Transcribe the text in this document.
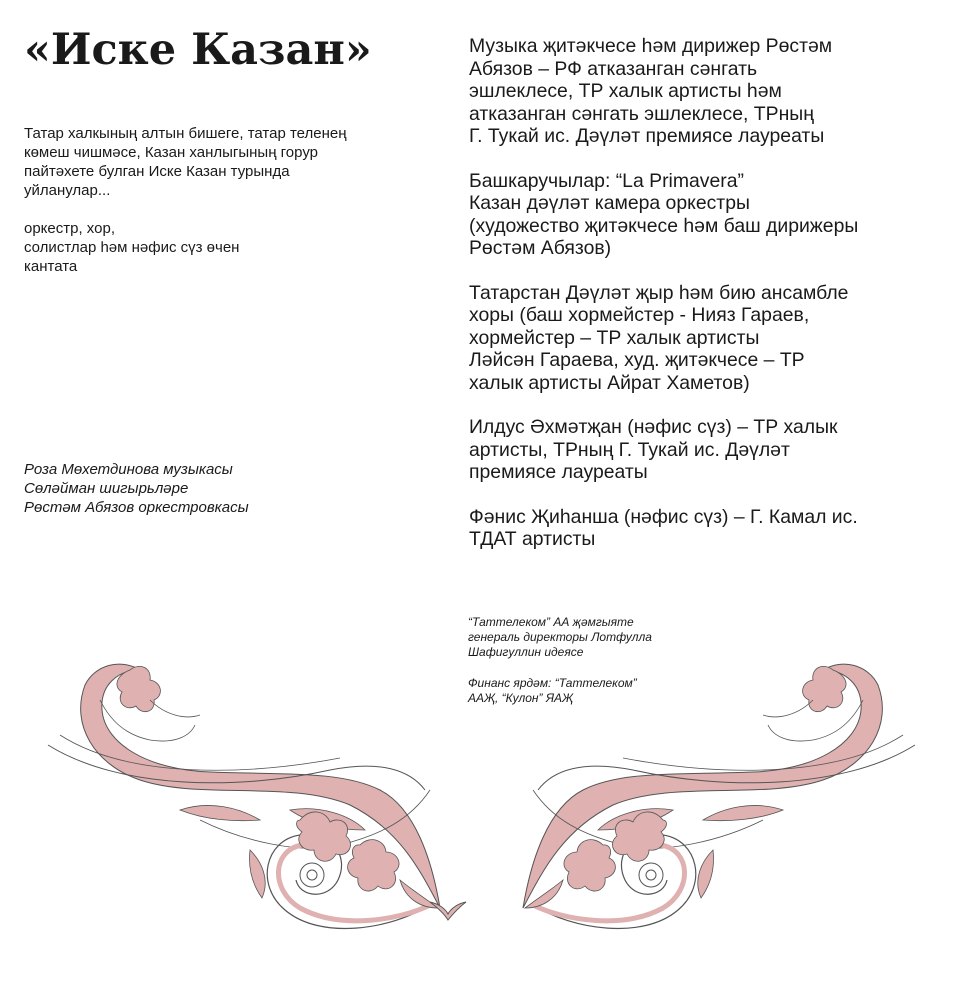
«Иске Казан»

Татар халкының алтын бишеге, татар теленең
көмеш чишмәсе, Казан ханлыгының горур
пайтәхете булган Иске Казан турында
уйланулар...

оркестр, хор,
солистлар һәм нәфис сүз өчен
кантата

Роза Мөхетдинова музыкасы
Сөләйман шигырьләре
Рөстәм Абязов оркестровкасы

Музыка җитәкчесе һәм дирижер Рөстәм
Абязов – РФ атказанган сәнгать
эшлеклесе, ТР халык артисты һәм
атказанган сәнгать эшлеклесе, ТРның
Г. Тукай ис. Дәүләт премиясе лауреаты

Башкаручылар: “La Primavera”
Казан дәүләт камера оркестры
(художество җитәкчесе һәм баш дирижеры
Рөстәм Абязов)

Татарстан Дәүләт җыр һәм бию ансамбле
хоры (баш хормейстер - Нияз Гараев,
хормейстер – ТР халык артисты
Ләйсән Гараева, худ. җитәкчесе – ТР
халык артисты Айрат Хаметов)

Илдус Әхмәтҗан (нәфис сүз) – ТР халык
артисты, ТРның Г. Тукай ис. Дәүләт
премиясе лауреаты

Фәнис Җиһанша (нәфис сүз) – Г. Камал ис.
ТДАТ артисты

“Таттелеком” АА җәмгыяте
генераль директоры Лотфулла
Шафигуллин идеясе

Финанс ярдәм: “Таттелеком”
ААҖ, “Кулон” ЯАҖ
